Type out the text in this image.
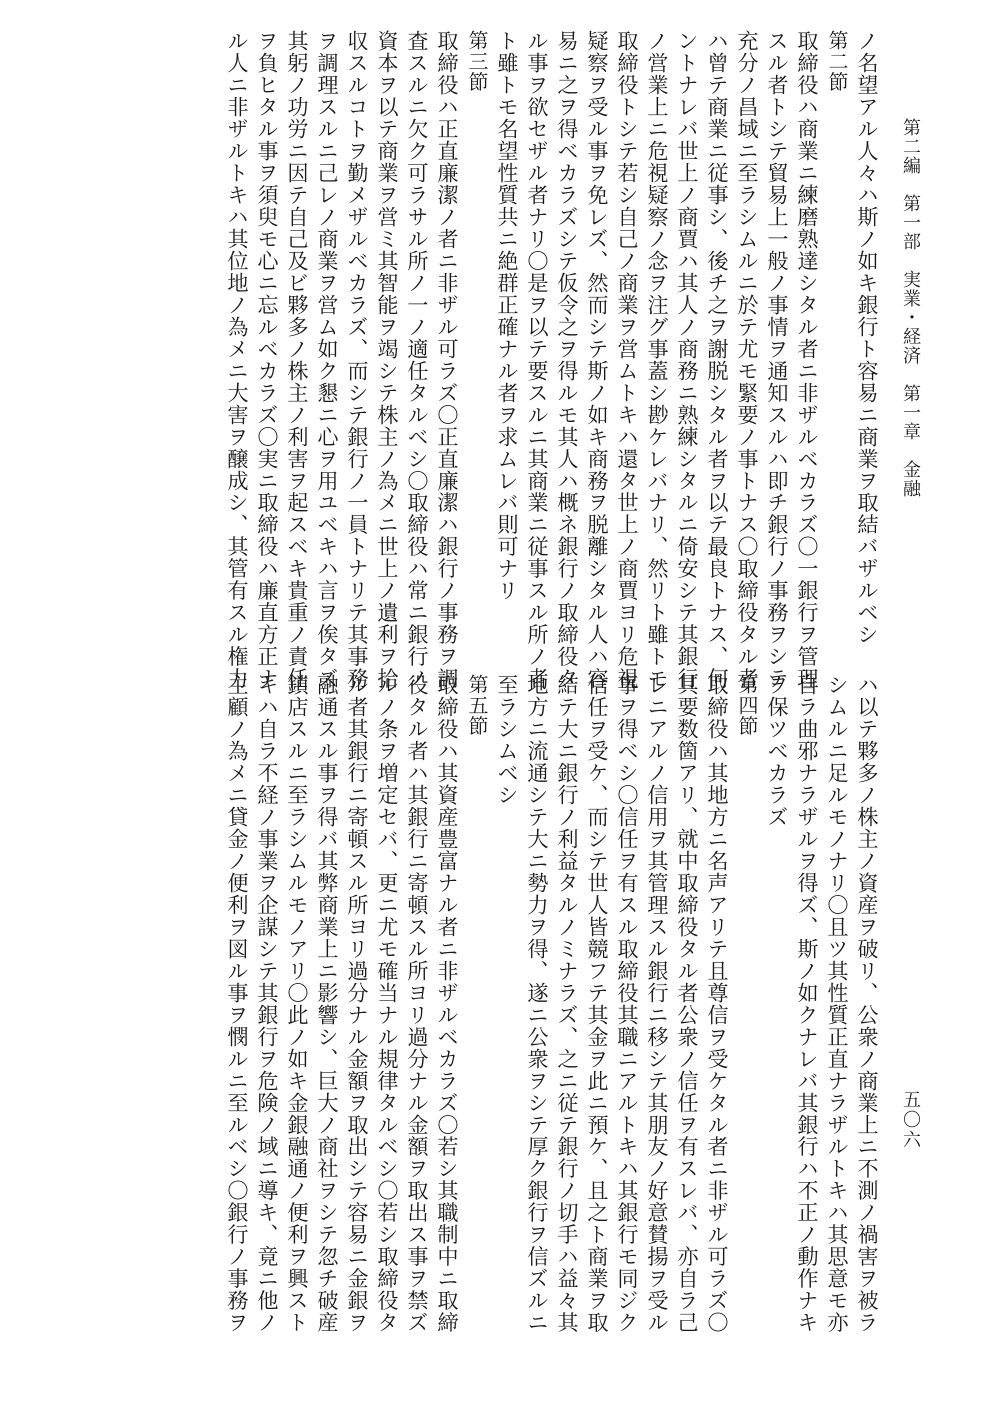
第二編　第一部　実業・経済　第一章　金融
五〇六

ノ名望アル人々ハ斯ノ如キ銀行ト容易ニ商業ヲ取結バザルベシ

第二節

取締役ハ商業ニ練磨熟達シタル者ニ非ザルベカラズ〇一銀行ヲ管理

スル者トシテ貿易上一般ノ事情ヲ通知スルハ即チ銀行ノ事務ヲシテ

充分ノ昌域ニ至ラシムルニ於テ尤モ緊要ノ事トナス〇取締役タル者

ハ曾テ商業ニ従事シ、後チ之ヲ謝脱シタル者ヲ以テ最良トナス、何

ントナレバ世上ノ商賈ハ其人ノ商務ニ熟練シタルニ倚安シテ其銀行

ノ営業上ニ危視疑察ノ念ヲ注グ事蓋シ尠ケレバナリ、然リト雖トモ

取締役トシテ若シ自己ノ商業ヲ営ムトキハ還タ世上ノ商賈ヨリ危視

疑察ヲ受ル事ヲ免レズ、然而シテ斯ノ如キ商務ヲ脱離シタル人ハ容

易ニ之ヲ得ベカラズシテ仮令之ヲ得ルモ其人ハ概ネ銀行ノ取締役タ

ル事ヲ欲セザル者ナリ〇是ヲ以テ要スルニ其商業ニ従事スル所ノ者

ト雖トモ名望性質共ニ絶群正確ナル者ヲ求ムレバ則可ナリ

第三節

取締役ハ正直廉潔ノ者ニ非ザル可ラズ〇正直廉潔ハ銀行ノ事務ヲ調

査スルニ欠ク可ラサル所ノ一ノ適任タルベシ〇取締役ハ常ニ銀行ノ

資本ヲ以テ商業ヲ営ミ其智能ヲ竭シテ株主ノ為メニ世上ノ遺利ヲ拾

収スルコトヲ勤メザルベカラズ、而シテ銀行ノ一員トナリテ其事務

ヲ調理スルニ己レノ商業ヲ営ム如ク懇ニ心ヲ用ユベキハ言ヲ俟タズ

其躬ノ功労ニ因テ自己及ビ夥多ノ株主ノ利害ヲ起スベキ貴重ノ責任

ヲ負ヒタル事ヲ須臾モ心ニ忘ルベカラズ〇実ニ取締役ハ廉直方正ナ

ル人ニ非ザルトキハ其位地ノ為メニ大害ヲ醸成シ、其管有スル権力

ハ以テ夥多ノ株主ノ資産ヲ破リ、公衆ノ商業上ニ不測ノ禍害ヲ被ラ

シムルニ足ルモノナリ〇且ツ其性質正直ナラザルトキハ其思意モ亦

自ラ曲邪ナラザルヲ得ズ、斯ノ如クナレバ其銀行ハ不正ノ動作ナキ

ヲ保ツベカラズ

第四節

取締役ハ其地方ニ名声アリテ且尊信ヲ受ケタル者ニ非ザル可ラズ〇

其要数箇アリ、就中取締役タル者公衆ノ信任ヲ有スレバ、亦自ラ己

レニアルノ信用ヲ其管理スル銀行ニ移シテ其朋友ノ好意賛揚ヲ受ル

事ヲ得ベシ〇信任ヲ有スル取締役其職ニアルトキハ其銀行モ同ジク

信任ヲ受ケ、而シテ世人皆競フテ其金ヲ此ニ預ケ、且之ト商業ヲ取

結テ大ニ銀行ノ利益タルノミナラズ、之ニ従テ銀行ノ切手ハ益々其

地方ニ流通シテ大ニ勢力ヲ得、遂ニ公衆ヲシテ厚ク銀行ヲ信ズルニ

至ラシムベシ

第五節

取締役ハ其資産豊富ナル者ニ非ザルベカラズ〇若シ其職制中ニ取締

役タル者ハ其銀行ニ寄頓スル所ヨリ過分ナル金額ヲ取出ス事ヲ禁ズ

ルノ条ヲ増定セバ、更ニ尤モ確当ナル規律タルベシ〇若シ取締役タ

ル者其銀行ニ寄頓スル所ヨリ過分ナル金額ヲ取出シテ容易ニ金銀ヲ

融通スル事ヲ得バ其弊商業上ニ影響シ、巨大ノ商社ヲシテ忽チ破産

鎖店スルニ至ラシムルモノアリ〇此ノ如キ金銀融通ノ便利ヲ興スト

キハ自ラ不経ノ事業ヲ企謀シテ其銀行ヲ危険ノ域ニ導キ、竟ニ他ノ

主顧ノ為メニ貸金ノ便利ヲ図ル事ヲ憫ルニ至ルベシ〇銀行ノ事務ヲ
